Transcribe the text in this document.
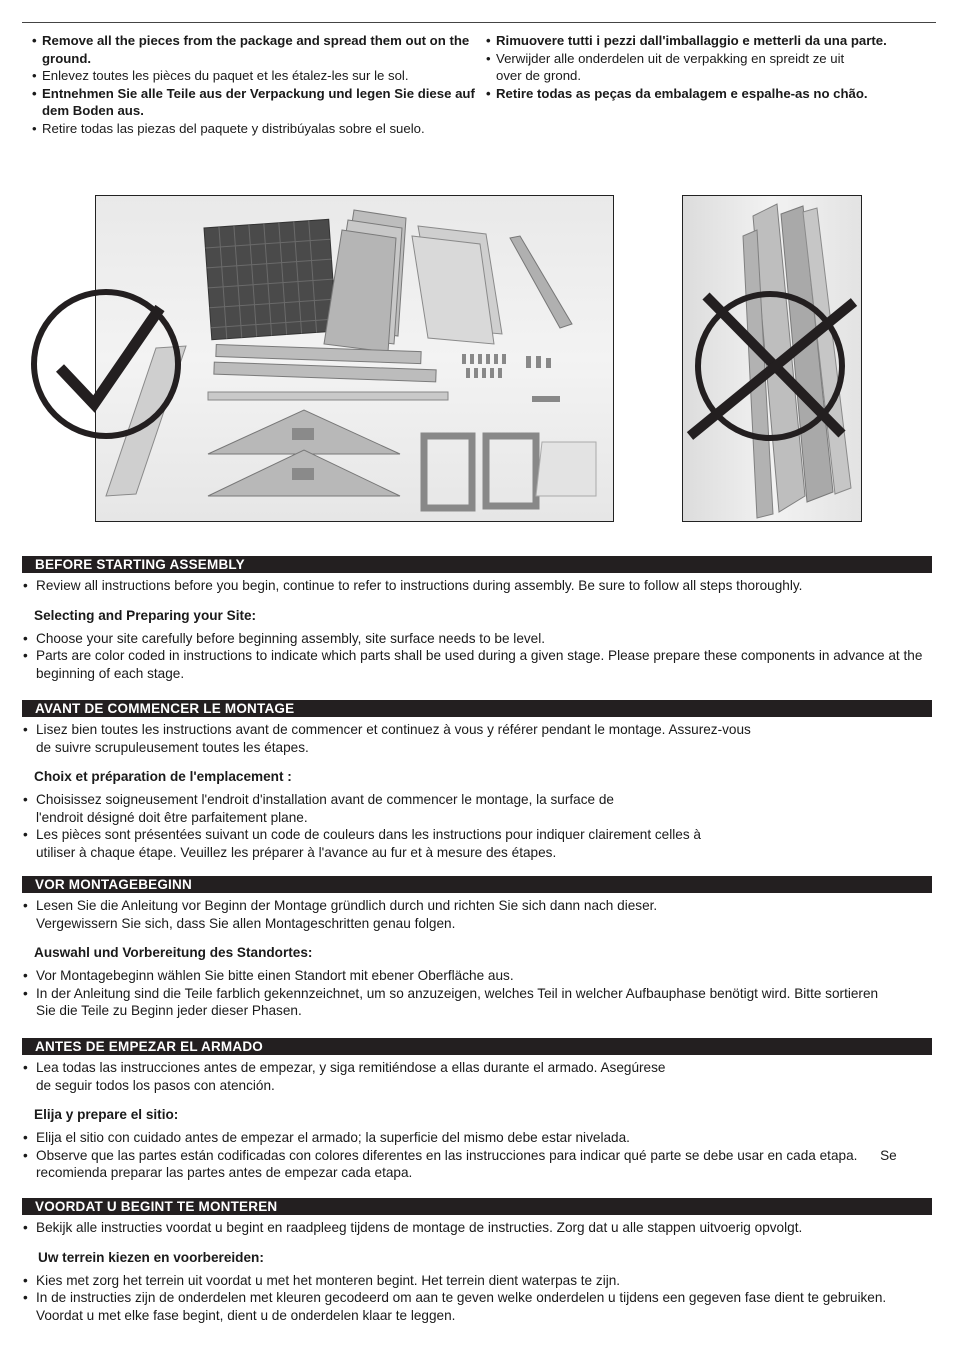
• Remove all the pieces from the package and spread them out on the ground.
• Enlevez toutes les pièces du paquet et les étalez-les sur le sol.
• Entnehmen Sie alle Teile aus der Verpackung und legen Sie diese auf dem Boden aus.
• Retire todas las piezas del paquete y distribúyalas sobre el suelo.
• Rimuovere tutti i pezzi dall'imballaggio e metterli da una parte.
• Verwijder alle onderdelen uit de verpakking en spreidt ze uit over de grond.
• Retire todas as peças da embalagem e espalhe-as no chão.
BEFORE STARTING ASSEMBLY
• Review all instructions before you begin, continue to refer to instructions during assembly. Be sure to follow all steps thoroughly.
Selecting and Preparing your Site:
• Choose your site carefully before beginning assembly, site surface needs to be level.
• Parts are color coded in instructions to indicate which parts shall be used during a given stage. Please prepare these components in advance at the beginning of each stage.
AVANT DE COMMENCER LE MONTAGE
• Lisez bien toutes les instructions avant de commencer et continuez à vous y référer pendant le montage. Assurez-vous de suivre scrupuleusement toutes les étapes.
Choix et préparation de l'emplacement :
• Choisissez soigneusement l'endroit d'installation avant de commencer le montage, la surface de l'endroit désigné doit être parfaitement plane.
• Les pièces sont présentées suivant un code de couleurs dans les instructions pour indiquer clairement celles à utiliser à chaque étape. Veuillez les préparer à l'avance au fur et à mesure des étapes.
VOR MONTAGEBEGINN
• Lesen Sie die Anleitung vor Beginn der Montage gründlich durch und richten Sie sich dann nach dieser. Vergewissern Sie sich, dass Sie allen Montageschritten genau folgen.
Auswahl und Vorbereitung des Standortes:
• Vor Montagebeginn wählen Sie bitte einen Standort mit ebener Oberfläche aus.
• In der Anleitung sind die Teile farblich gekennzeichnet, um so anzuzeigen, welches Teil in welcher Aufbauphase benötigt wird. Bitte sortieren Sie die Teile zu Beginn jeder dieser Phasen.
ANTES DE EMPEZAR EL ARMADO
• Lea todas las instrucciones antes de empezar, y siga remitiéndose a ellas durante el armado. Asegúrese de seguir todos los pasos con atención.
Elija y prepare el sitio:
• Elija el sitio con cuidado antes de empezar el armado; la superficie del mismo debe estar nivelada.
• Observe que las partes están codificadas con colores diferentes en las instrucciones para indicar qué parte se debe usar en cada etapa.      Se recomienda preparar las partes antes de empezar cada etapa.
VOORDAT U BEGINT TE MONTEREN
• Bekijk alle instructies voordat u begint en raadpleeg tijdens de montage de instructies. Zorg dat u alle stappen uitvoerig opvolgt.
Uw terrein kiezen en voorbereiden:
• Kies met zorg het terrein uit voordat u met het monteren begint. Het terrein dient waterpas te zijn.
• In de instructies zijn de onderdelen met kleuren gecodeerd om aan te geven welke onderdelen u tijdens een gegeven fase dient te gebruiken. Voordat u met elke fase begint, dient u de onderdelen klaar te leggen.
